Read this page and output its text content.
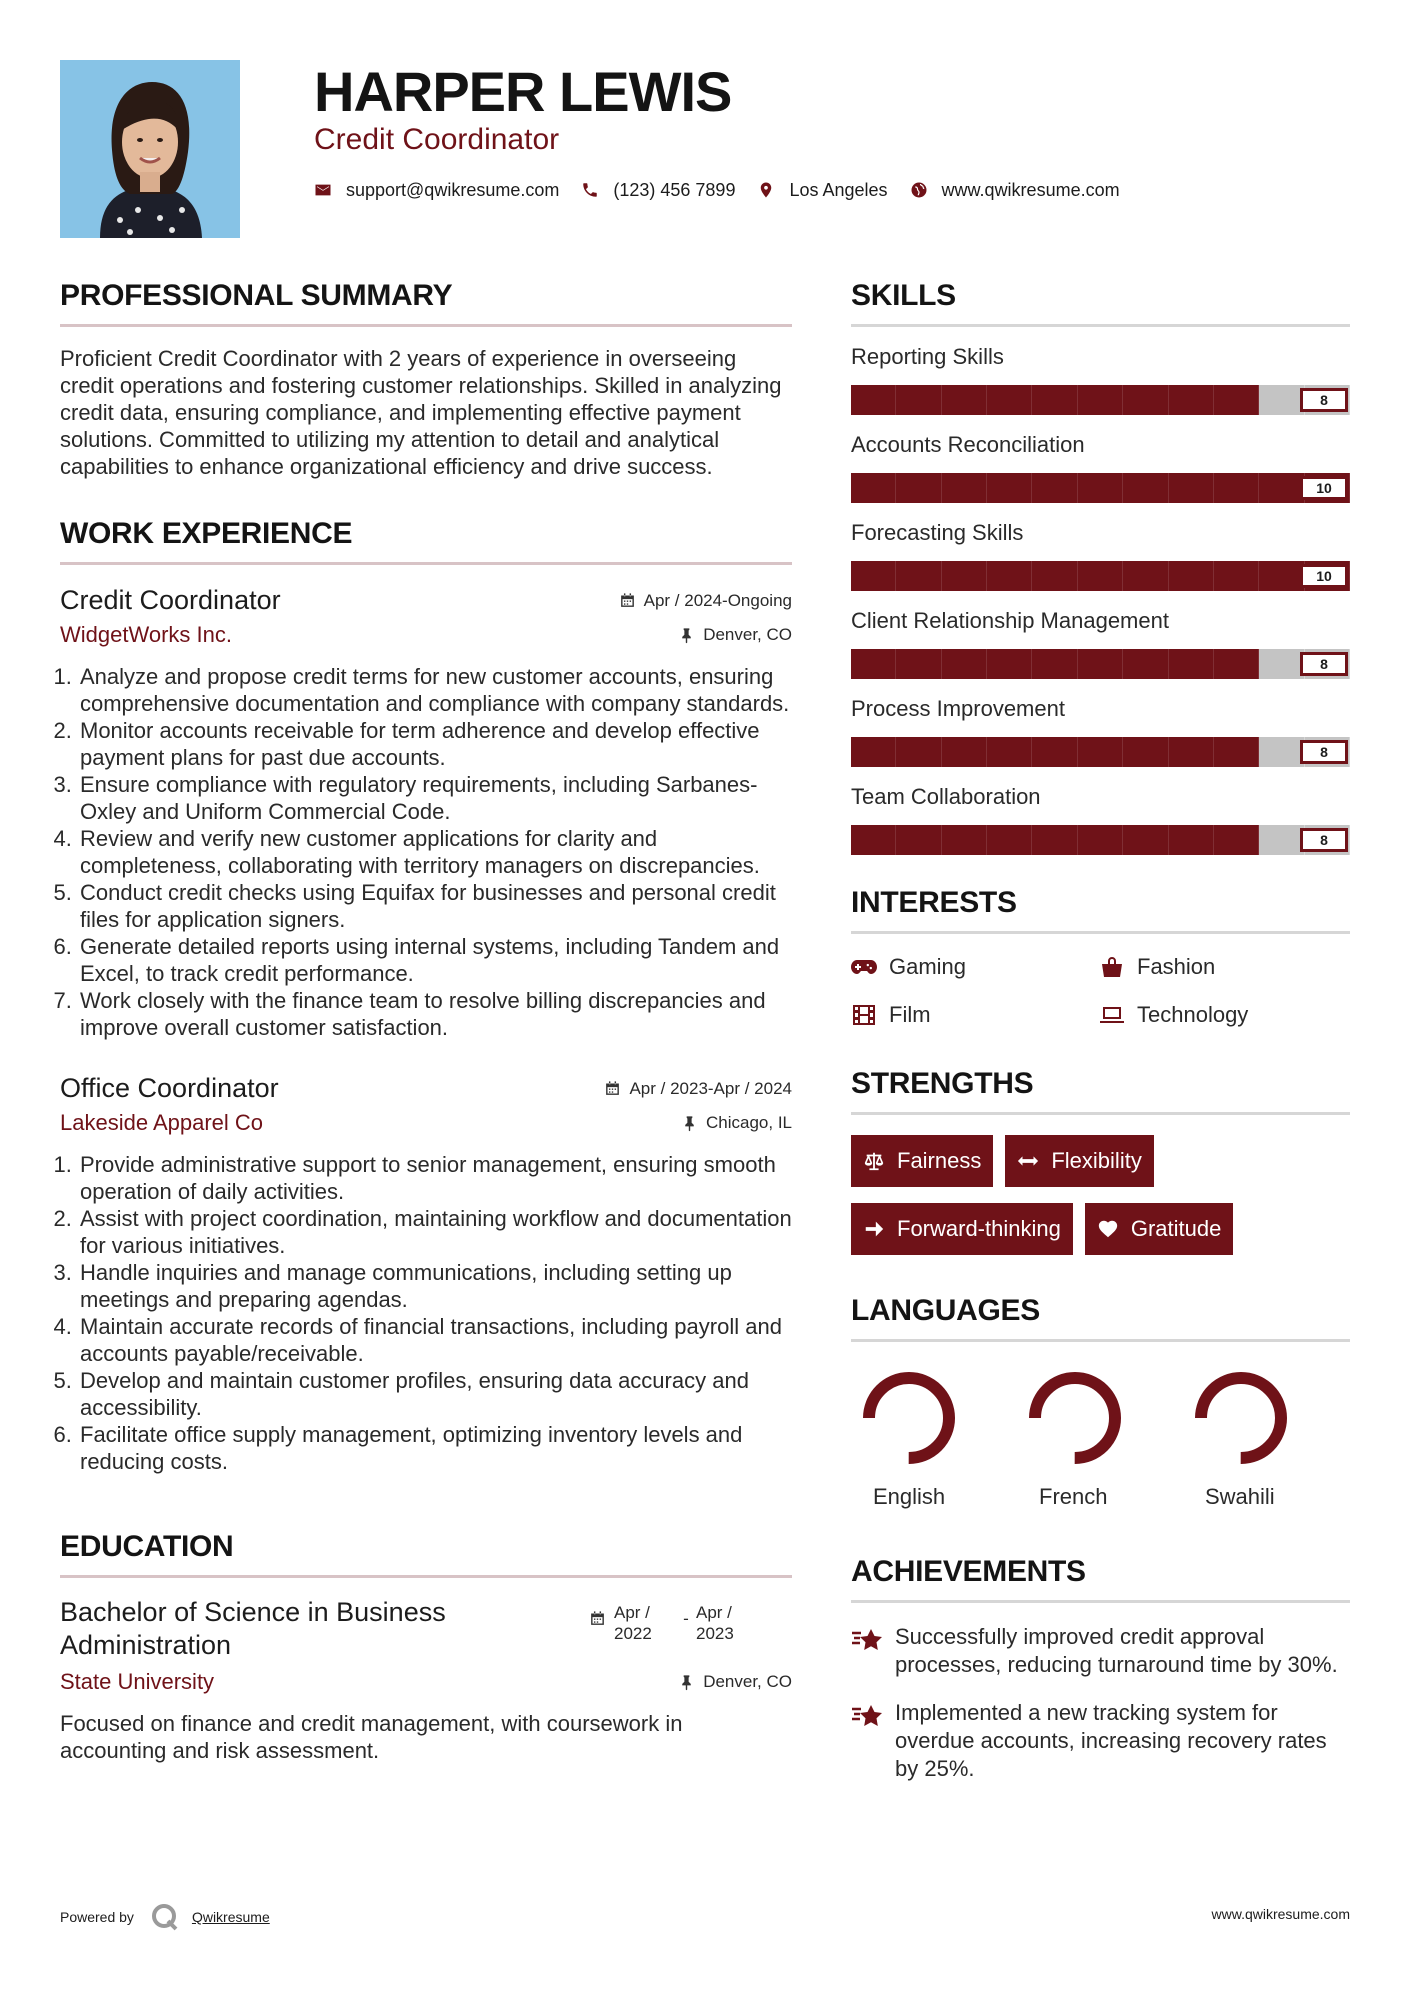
HARPER LEWIS
Credit Coordinator
support@qwikresume.com	(123) 456 7899	Los Angeles	www.qwikresume.com
PROFESSIONAL SUMMARY

Proficient Credit Coordinator with 2 years of experience in overseeing credit operations and fostering customer relationships. Skilled in analyzing credit data, ensuring compliance, and implementing effective payment solutions. Committed to utilizing my attention to detail and analytical capabilities to enhance organizational efficiency and drive success.

WORK EXPERIENCE
Credit Coordinator	Apr / 2024-Ongoing
WidgetWorks Inc.	Denver, CO
1. Analyze and propose credit terms for new customer accounts, ensuring comprehensive documentation and compliance with company standards.
2. Monitor accounts receivable for term adherence and develop effective payment plans for past due accounts.
3. Ensure compliance with regulatory requirements, including Sarbanes-Oxley and Uniform Commercial Code.
4. Review and verify new customer applications for clarity and completeness, collaborating with territory managers on discrepancies.
5. Conduct credit checks using Equifax for businesses and personal credit files for application signers.
6. Generate detailed reports using internal systems, including Tandem and Excel, to track credit performance.
7. Work closely with the finance team to resolve billing discrepancies and improve overall customer satisfaction.
Office Coordinator	Apr / 2023-Apr / 2024
Lakeside Apparel Co	Chicago, IL
1. Provide administrative support to senior management, ensuring smooth operation of daily activities.
2. Assist with project coordination, maintaining workflow and documentation for various initiatives.
3. Handle inquiries and manage communications, including setting up meetings and preparing agendas.
4. Maintain accurate records of financial transactions, including payroll and accounts payable/receivable.
5. Develop and maintain customer profiles, ensuring data accuracy and accessibility.
6. Facilitate office supply management, optimizing inventory levels and reducing costs.
EDUCATION
Bachelor of Science in Business Administration
Apr /
2022
- Apr /
2023
State University	Denver, CO

Focused on finance and credit management, with coursework in accounting and risk assessment.

SKILLS
Reporting Skills
8
Accounts Reconciliation
10
Forecasting Skills
10
Client Relationship Management
8
Process Improvement
8
Team Collaboration
8
INTERESTS
Gaming	Fashion
Film	Technology
STRENGTHS
Fairness	Flexibility
Forward-thinking	Gratitude
LANGUAGES
English	French	Swahili
ACHIEVEMENTS
Successfully improved credit approval processes, reducing turnaround time by 30%.
Implemented a new tracking system for overdue accounts, increasing recovery rates by 25%.
Powered by	Qwikresume	www.qwikresume.com
